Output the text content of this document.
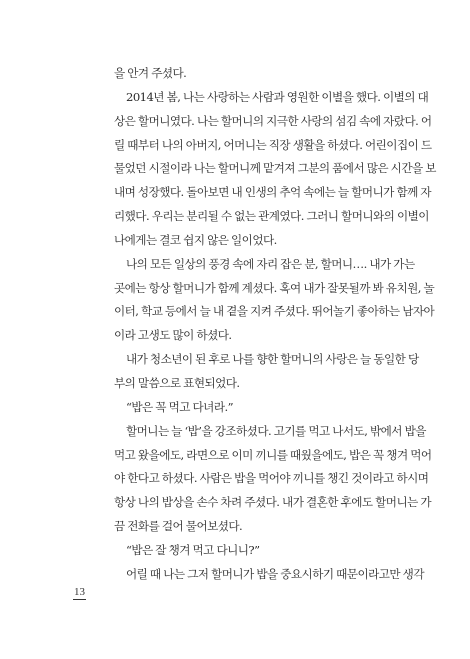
을 안겨 주셨다.
2014년 봄, 나는 사랑하는 사람과 영원한 이별을 했다. 이별의 대
상은 할머니였다. 나는 할머니의 지극한 사랑의 섬김 속에 자랐다. 어
릴 때부터 나의 아버지, 어머니는 직장 생활을 하셨다. 어린이집이 드
물었던 시절이라 나는 할머니께 맡겨져 그분의 품에서 많은 시간을 보
내며 성장했다. 돌아보면 내 인생의 추억 속에는 늘 할머니가 함께 자
리했다. 우리는 분리될 수 없는 관계였다. 그러니 할머니와의 이별이
나에게는 결코 쉽지 않은 일이었다.
나의 모든 일상의 풍경 속에 자리 잡은 분, 할머니…. 내가 가는
곳에는 항상 할머니가 함께 계셨다. 혹여 내가 잘못될까 봐 유치원, 놀
이터, 학교 등에서 늘 내 곁을 지켜 주셨다. 뛰어놀기 좋아하는 남자아
이라 고생도 많이 하셨다.
내가 청소년이 된 후로 나를 향한 할머니의 사랑은 늘 동일한 당
부의 말씀으로 표현되었다.
“밥은 꼭 먹고 다녀라.”
할머니는 늘 ‘밥’을 강조하셨다. 고기를 먹고 나서도, 밖에서 밥을
먹고 왔을에도, 라면으로 이미 끼니를 때웠을에도, 밥은 꼭 챙겨 먹어
야 한다고 하셨다. 사람은 밥을 먹어야 끼니를 챙긴 것이라고 하시며
항상 나의 밥상을 손수 차려 주셨다. 내가 결혼한 후에도 할머니는 가
끔 전화를 걸어 물어보셨다.
“밥은 잘 챙겨 먹고 다니니?”
어릴 때 나는 그저 할머니가 밥을 중요시하기 때문이라고만 생각
13
